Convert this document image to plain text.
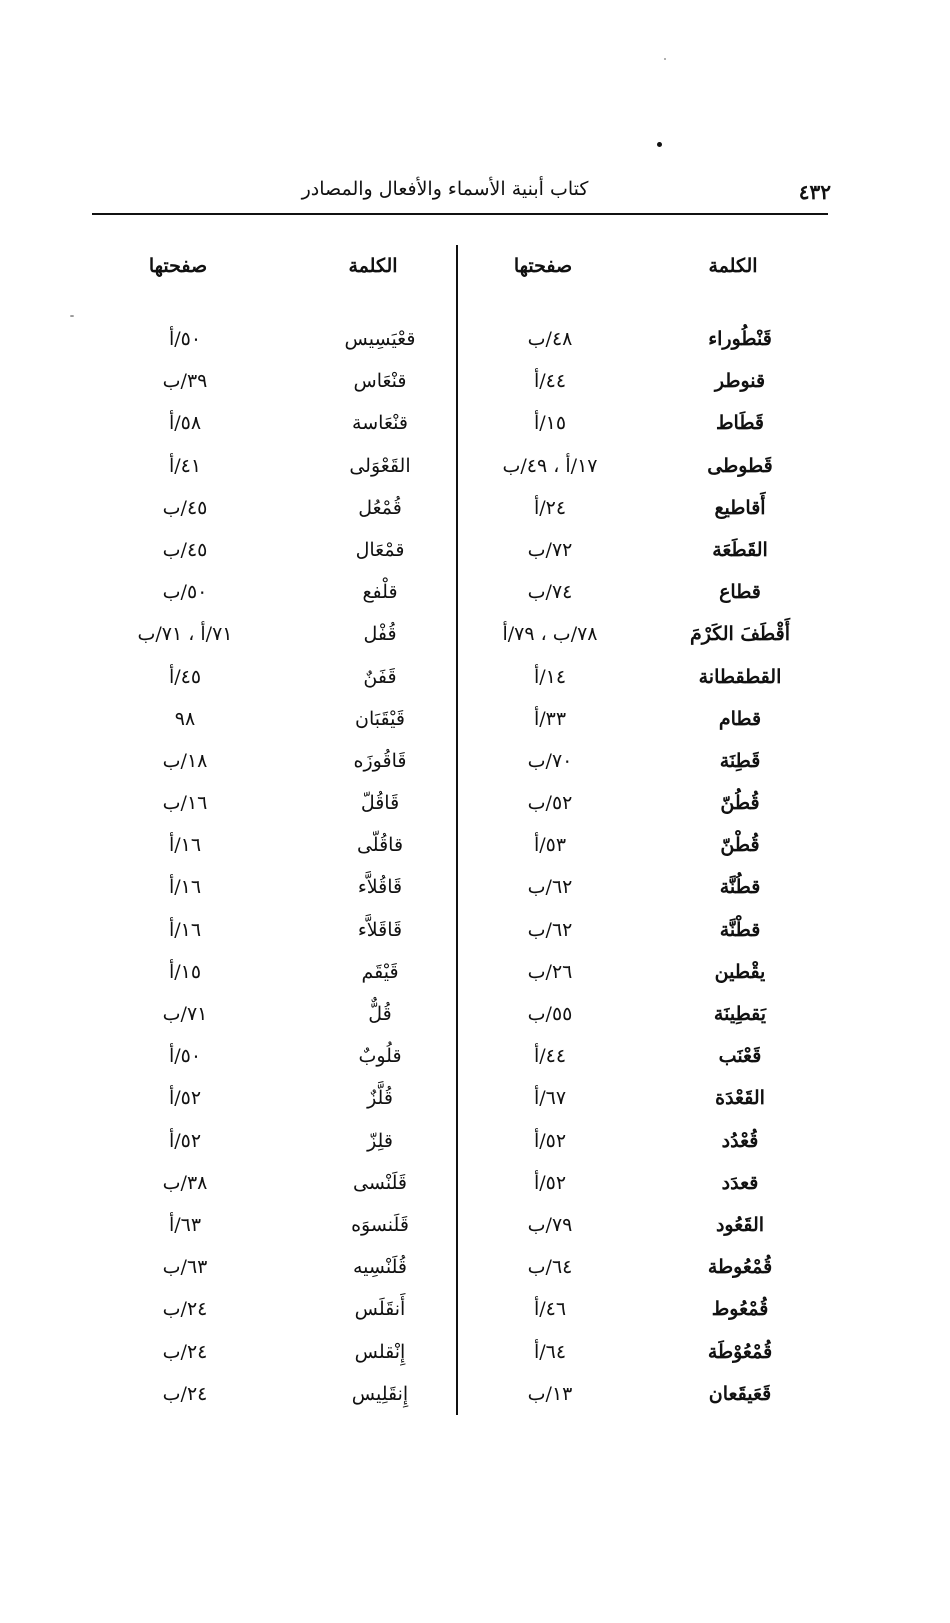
٤٣٢
كتاب أبنية الأسماء والأفعال والمصادر
الكلمة
صفحتها
الكلمة
صفحتها
قَنْطُوراء
٤٨/ب
قعْيَسِيس
٥٠/أ
قنوطر
٤٤/أ
قنْعَاس
٣٩/ب
قَطَاط
١٥/أ
قنْعَاسة
٥٨/أ
قَطوطى
١٧/أ ، ٤٩/ب
القَعْوَلى
٤١/أ
أَقاطيع
٢٤/أ
قُمْعُل
٤٥/ب
القَطَعَة
٧٢/ب
قمْعَال
٤٥/ب
قطاع
٧٤/ب
قلْفع
٥٠/ب
أَقْطَفَ الكَرْمَ
٧٨/ب ، ٧٩/أ
قُفْل
٧١/أ ، ٧١/ب
القطقطانة
١٤/أ
قَفَنٌ
٤٥/أ
قطام
٣٣/أ
قَيْقَبَان
٩٨
قَطِنَة
٧٠/ب
قَاقُوزَه
١٨/ب
قُطُنّ
٥٢/ب
قَاقُلّ
١٦/ب
قُطْنّ
٥٣/أ
قاقُلّى
١٦/أ
قطُنَّة
٦٢/ب
قَاقُلاَّء
١٦/أ
قطْنَّة
٦٢/ب
قَاقَلاَّء
١٦/أ
يقْطين
٢٦/ب
قَيْقَم
١٥/أ
يَقطِينَة
٥٥/ب
قُلٌّ
٧١/ب
قَعْنَب
٤٤/أ
قلُوبٌ
٥٠/أ
القَعْدَة
٦٧/أ
قُلَّزٌ
٥٢/أ
قُعْدُد
٥٢/أ
قلِزّ
٥٢/أ
قعدَد
٥٢/أ
قَلَنْسى
٣٨/ب
القَعُود
٧٩/ب
قَلَنسوَه
٦٣/أ
قُمْعُوطة
٦٤/ب
قُلَنْسِيه
٦٣/ب
قُمْعُوط
٤٦/أ
أَنقَلَس
٢٤/ب
قُمْعُوْطَة
٦٤/أ
إِنْقلس
٢٤/ب
قَعَيقَعان
١٣/ب
إِنقَلِيس
٢٤/ب
